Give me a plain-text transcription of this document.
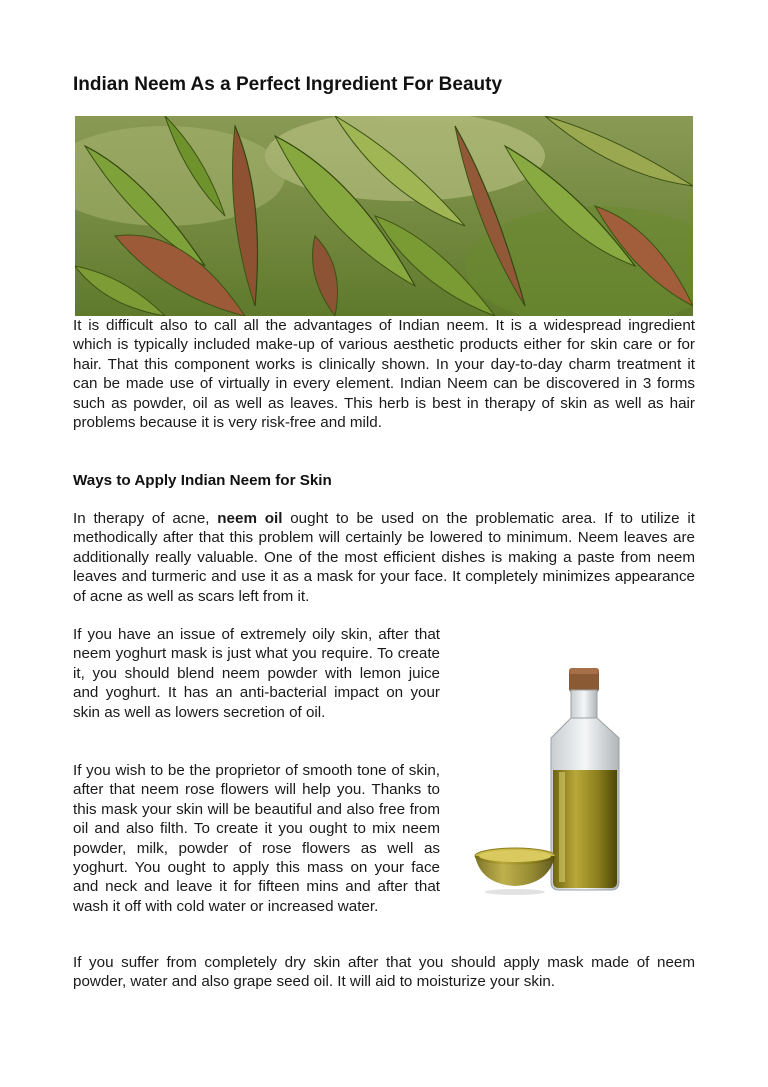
Indian Neem As a Perfect Ingredient For Beauty

It is difficult also to call all the advantages of Indian neem. It is a widespread ingredient which is typically included make-up of various aesthetic products either for skin care or for hair. That this component works is clinically shown. In your day-to-day charm treatment it can be made use of virtually in every element. Indian Neem can be discovered in 3 forms such as powder, oil as well as leaves. This herb is best in therapy of skin as well as hair problems because it is very risk-free and mild.

Ways to Apply Indian Neem for Skin

In therapy of acne, neem oil ought to be used on the problematic area. If to utilize it methodically after that this problem will certainly be lowered to minimum. Neem leaves are additionally really valuable. One of the most efficient dishes is making a paste from neem leaves and turmeric and use it as a mask for your face. It completely minimizes appearance of acne as well as scars left from it.

If you have an issue of extremely oily skin, after that neem yoghurt mask is just what you require. To create it, you should blend neem powder with lemon juice and yoghurt. It has an anti-bacterial impact on your skin as well as lowers secretion of oil.

If you wish to be the proprietor of smooth tone of skin, after that neem rose flowers will help you. Thanks to this mask your skin will be beautiful and also free from oil and also filth. To create it you ought to mix neem powder, milk, powder of rose flowers as well as yoghurt. You ought to apply this mass on your face and neck and leave it for fifteen mins and after that wash it off with cold water or increased water.

If you suffer from completely dry skin after that you should apply mask made of neem powder, water and also grape seed oil. It will aid to moisturize your skin.
